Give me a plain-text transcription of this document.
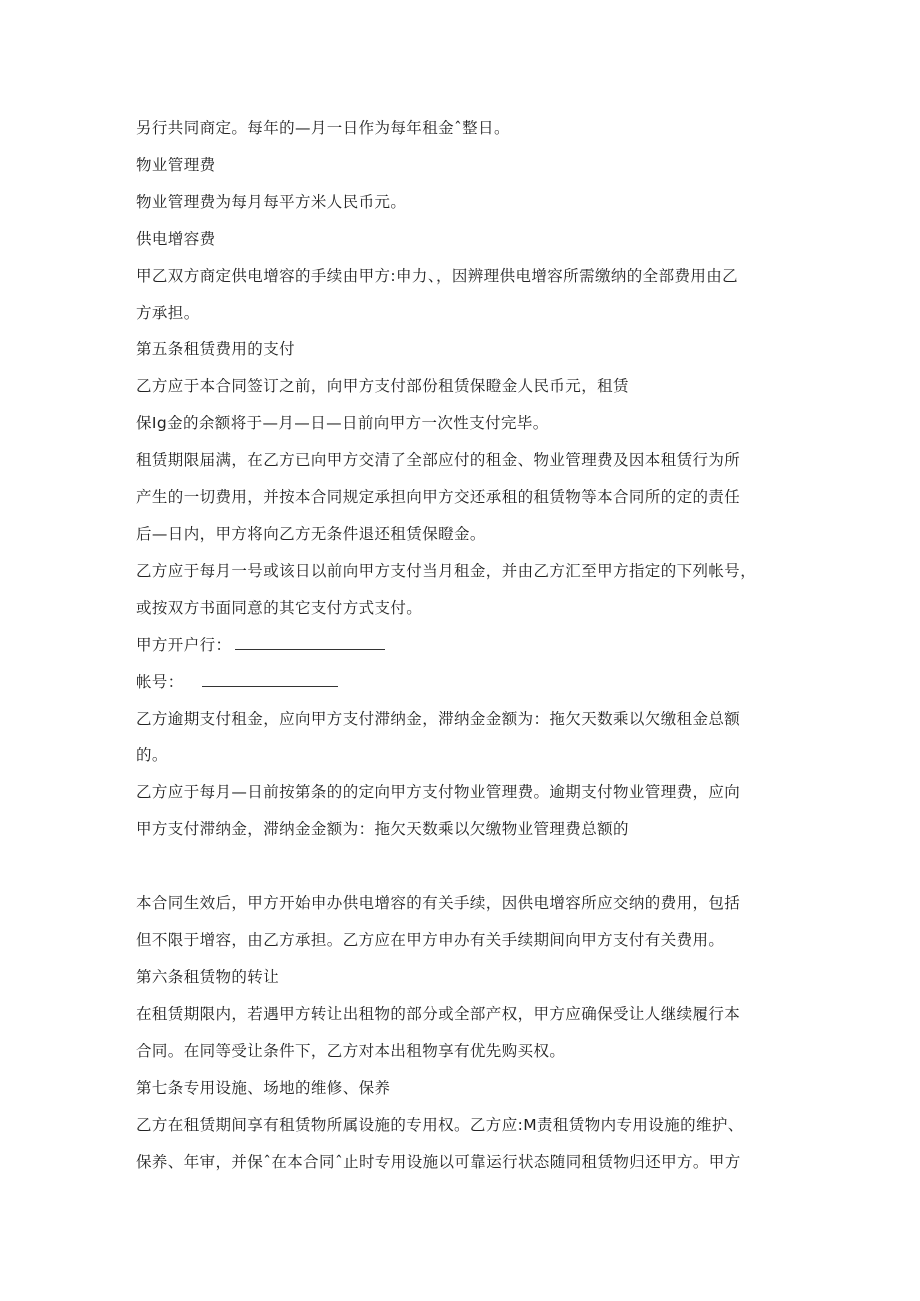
另行共同商定。每年的—月一日作为每年租金ˆ整日。

物业管理费

物业管理费为每月每平方米人民币元。

供电增容费

甲乙双方商定供电增容的手续由甲方:申力、，因辨理供电增容所需缴纳的全部费用由乙

方承担。

第五条租赁费用的支付

乙方应于本合同签订之前，向甲方支付部份租赁保瞪金人民币元，租赁

保Ig金的余额将于—月—日—日前向甲方一次性支付完毕。

租赁期限届满，在乙方已向甲方交清了全部应付的租金、物业管理费及因本租赁行为所

产生的一切费用，并按本合同规定承担向甲方交还承租的租赁物等本合同所的定的责任

后—日内，甲方将向乙方无条件退还租赁保瞪金。

乙方应于每月一号或该日以前向甲方支付当月租金，并由乙方汇至甲方指定的下列帐号，

或按双方书面同意的其它支付方式支付。

甲方开户行：

帐号：

乙方逾期支付租金，应向甲方支付滞纳金，滞纳金金额为：拖欠天数乘以欠缴租金总额

的。

乙方应于每月—日前按第条的的定向甲方支付物业管理费。逾期支付物业管理费，应向

甲方支付滞纳金，滞纳金金额为：拖欠天数乘以欠缴物业管理费总额的

本合同生效后，甲方开始申办供电增容的有关手续，因供电增容所应交纳的费用，包括

但不限于增容，由乙方承担。乙方应在甲方申办有关手续期间向甲方支付有关费用。

第六条租赁物的转让

在租赁期限内，若遇甲方转让出租物的部分或全部产权，甲方应确保受让人继续履行本

合同。在同等受让条件下，乙方对本出租物享有优先购买权。

第七条专用设施、场地的维修、保养

乙方在租赁期间享有租赁物所属设施的专用权。乙方应:M责租赁物内专用设施的维护、

保养、年审，并保ˆ在本合同ˆ止时专用设施以可靠运行状态随同租赁物归还甲方。甲方
